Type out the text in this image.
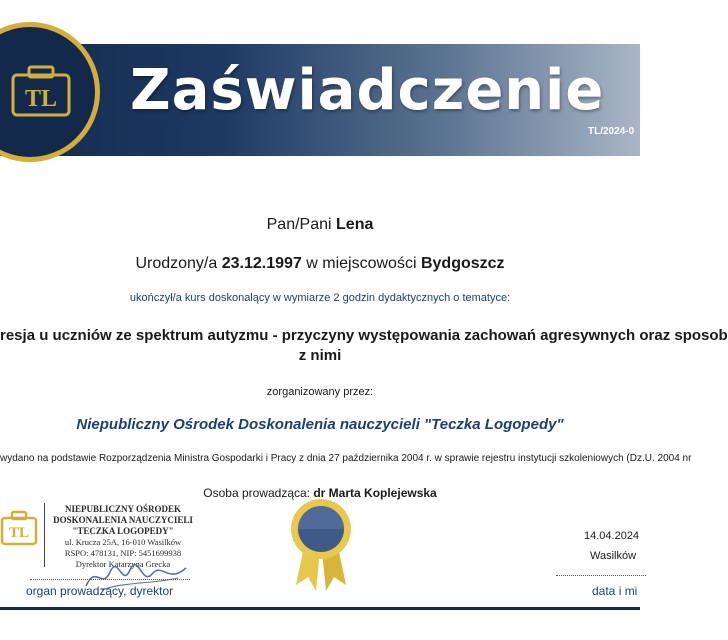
TL Zaświadczenie
TL/2024-0
Pan/Pani Lena
Urodzony/a 23.12.1997 w miejscowości Bydgoszcz
ukończył/a kurs doskonalący w wymiarze 2 godzin dydaktycznych o tematyce:
resja u uczniów ze spektrum autyzmu - przyczyny występowania zachowań agresywnych oraz sposob
z nimi
zorganizowany przez:
Niepubliczny Ośrodek Doskonalenia nauczycieli "Teczka Logopedy"
wydano na podstawie Rozporządzenia Ministra Gospodarki i Pracy z dnia 27 października 2004 r. w sprawie rejestru instytucji szkoleniowych (Dz.U. 2004 nr
Osoba prowadząca: dr Marta Koplejewska
TL
NIEPUBLICZNY OŚRODEK
DOSKONALENIA NAUCZYCIELI
"TECZKA LOGOPEDY"
ul. Krucza 25A, 16-010 Wasilków
RSPO: 478131, NIP: 5451699938
Dyrektor Katarzyna Grecka
organ prowadzący, dyrektor
14.04.2024
Wasilków
data i mi
